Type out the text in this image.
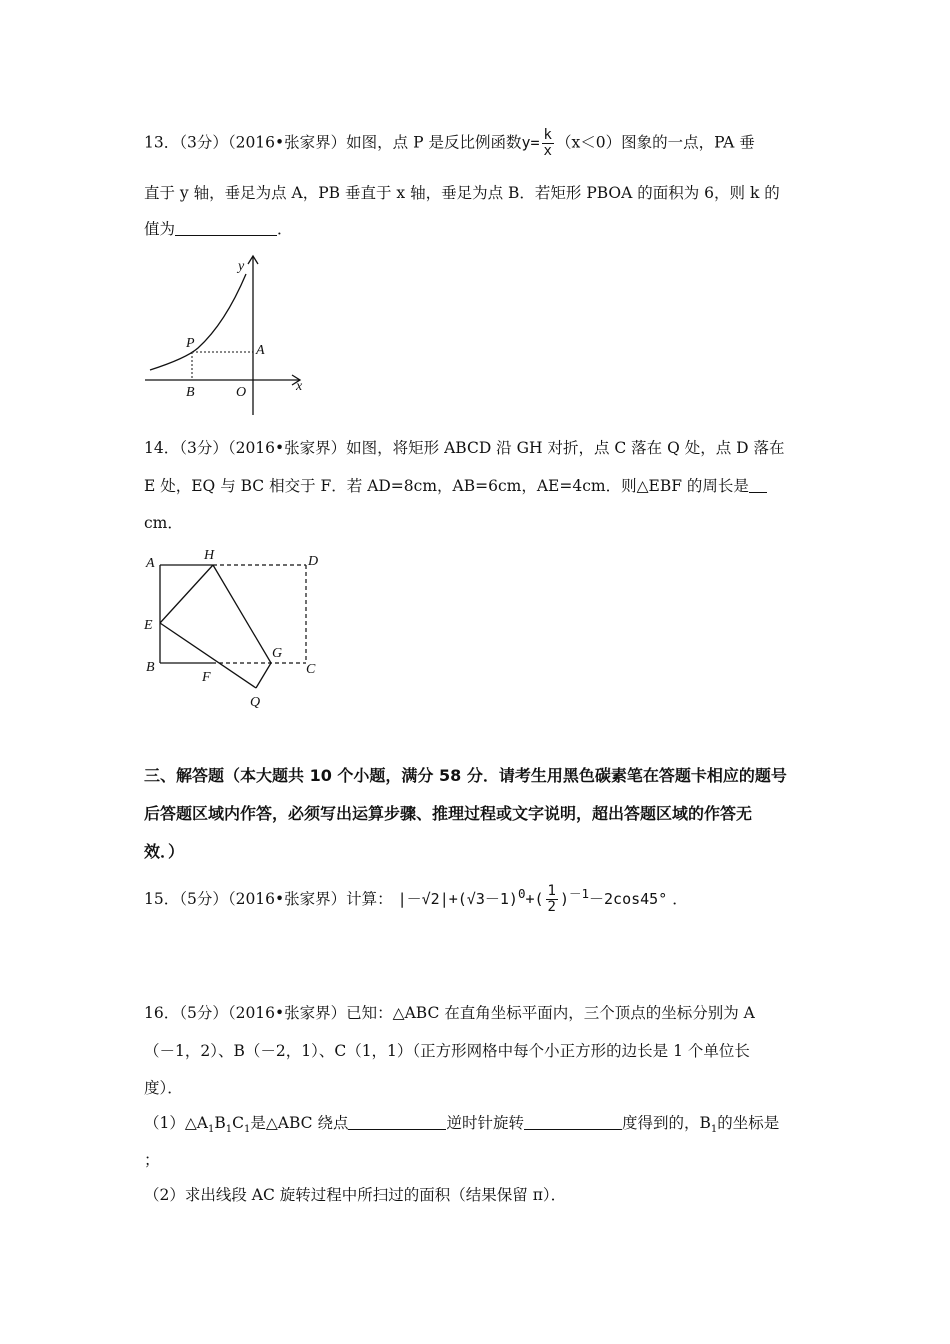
13．（3分）（2016•张家界）如图，点 P 是反比例函数$y= \frac{k}{x} (x<0)$图象的一点，PA 垂
直于 y 轴，垂足为点 A，PB 垂直于 x 轴，垂足为点 B．若矩形 PBOA 的面积为 6，则 k 的
值为	．
y
x
P	A
B	O
14．（3分）（2016•张家界）如图，将矩形 ABCD 沿 GH 对折，点 C 落在 Q 处，点 D 落在
E 处，EQ 与 BC 相交于 F．若 AD=8cm，AB=6cm，AE=4cm．则△EBF 的周长是
cm．
A
H	D
E
B
F
G
C
Q
三、解答题（本大题共 10 个小题，满分 58 分．请考生用黑色碳素笔在答题卡相应的题号
后答题区域内作答，必须写出运算步骤、推理过程或文字说明，超出答题区域的作答无
效．）
15．（5分）（2016•张家界）计算： $|-√2|+(√3-1)^0+( \frac{1}{2} )^{-1}-2\cos 45^\circ$ ．
16．（5分）（2016•张家界）已知：△ABC 在直角坐标平面内，三个顶点的坐标分别为 A
（－1，2）、B（－2，1）、C（1，1）（正方形网格中每个小正方形的边长是 1 个单位长
度）．
$(1)\triangle A_1B_1C_1$是△ABC 绕点	逆时针旋转	度得到的，$B_1$的坐标是
；
（2）求出线段 AC 旋转过程中所扫过的面积（结果保留 π）．
